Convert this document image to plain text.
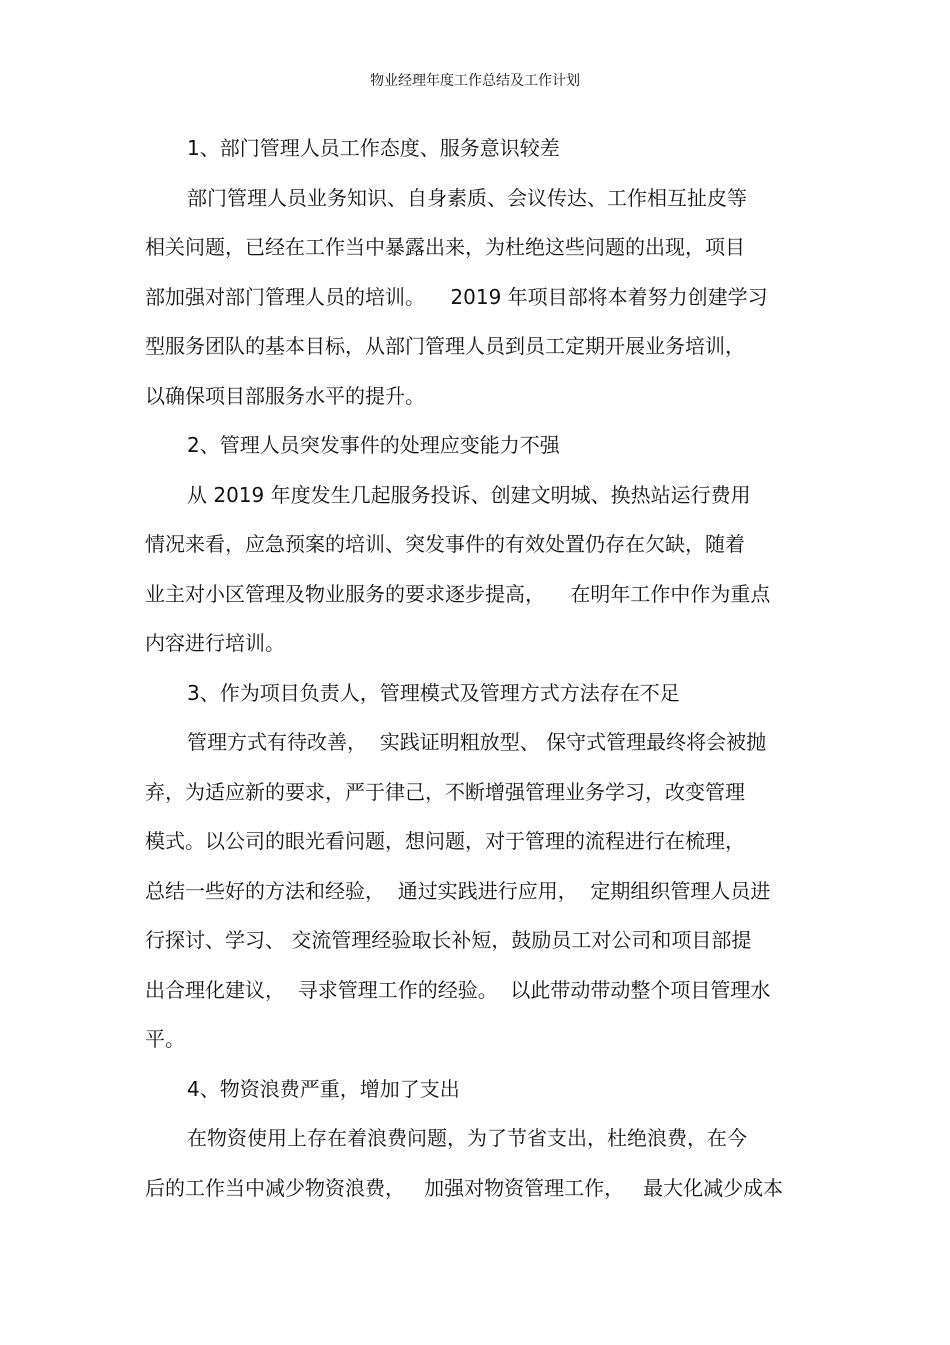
物业经理年度工作总结及工作计划
1、部门管理人员工作态度、服务意识较差
部门管理人员业务知识、自身素质、会议传达、工作相互扯皮等
相关问题，已经在工作当中暴露出来，为杜绝这些问题的出现，项目
部加强对部门管理人员的培训。    2019 年项目部将本着努力创建学习
型服务团队的基本目标，从部门管理人员到员工定期开展业务培训，
以确保项目部服务水平的提升。
2、管理人员突发事件的处理应变能力不强
从 2019 年度发生几起服务投诉、创建文明城、换热站运行费用
情况来看，应急预案的培训、突发事件的有效处置仍存在欠缺，随着
业主对小区管理及物业服务的要求逐步提高，    在明年工作中作为重点
内容进行培训。
3、作为项目负责人，管理模式及管理方式方法存在不足
管理方式有待改善，  实践证明粗放型、 保守式管理最终将会被抛
弃，为适应新的要求，严于律己，不断增强管理业务学习，改变管理
模式。以公司的眼光看问题，想问题，对于管理的流程进行在梳理，
总结一些好的方法和经验，  通过实践进行应用，  定期组织管理人员进
行探讨、学习、 交流管理经验取长补短，鼓励员工对公司和项目部提
出合理化建议，  寻求管理工作的经验。  以此带动带动整个项目管理水
平。
4、物资浪费严重，增加了支出
在物资使用上存在着浪费问题，为了节省支出，杜绝浪费，在今
后的工作当中减少物资浪费，   加强对物资管理工作，   最大化减少成本
